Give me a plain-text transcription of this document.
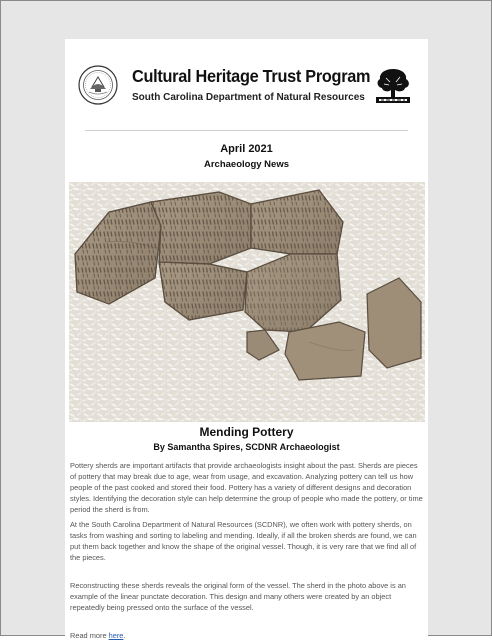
Cultural Heritage Trust Program
South Carolina Department of Natural Resources
April 2021
Archaeology News
Mending Pottery
By Samantha Spires, SCDNR Archaeologist
Pottery sherds are important artifacts that provide archaeologists insight about the past. Sherds are pieces of pottery that may break due to age, wear from usage, and excavation. Analyzing pottery can tell us how people of the past cooked and stored their food. Pottery has a variety of different designs and decoration styles. Identifying the decoration style can help determine the group of people who made the pottery, or time period the sherd is from.
At the South Carolina Department of Natural Resources (SCDNR), we often work with pottery sherds, on tasks from washing and sorting to labeling and mending. Ideally, if all the broken sherds are found, we can put them back together and know the shape of the original vessel. Though, it is very rare that we find all of the pieces.
Reconstructing these sherds reveals the original form of the vessel. The sherd in the photo above is an example of the linear punctate decoration. This design and many others were created by an object repeatedly being pressed onto the surface of the vessel.
Read more here.
